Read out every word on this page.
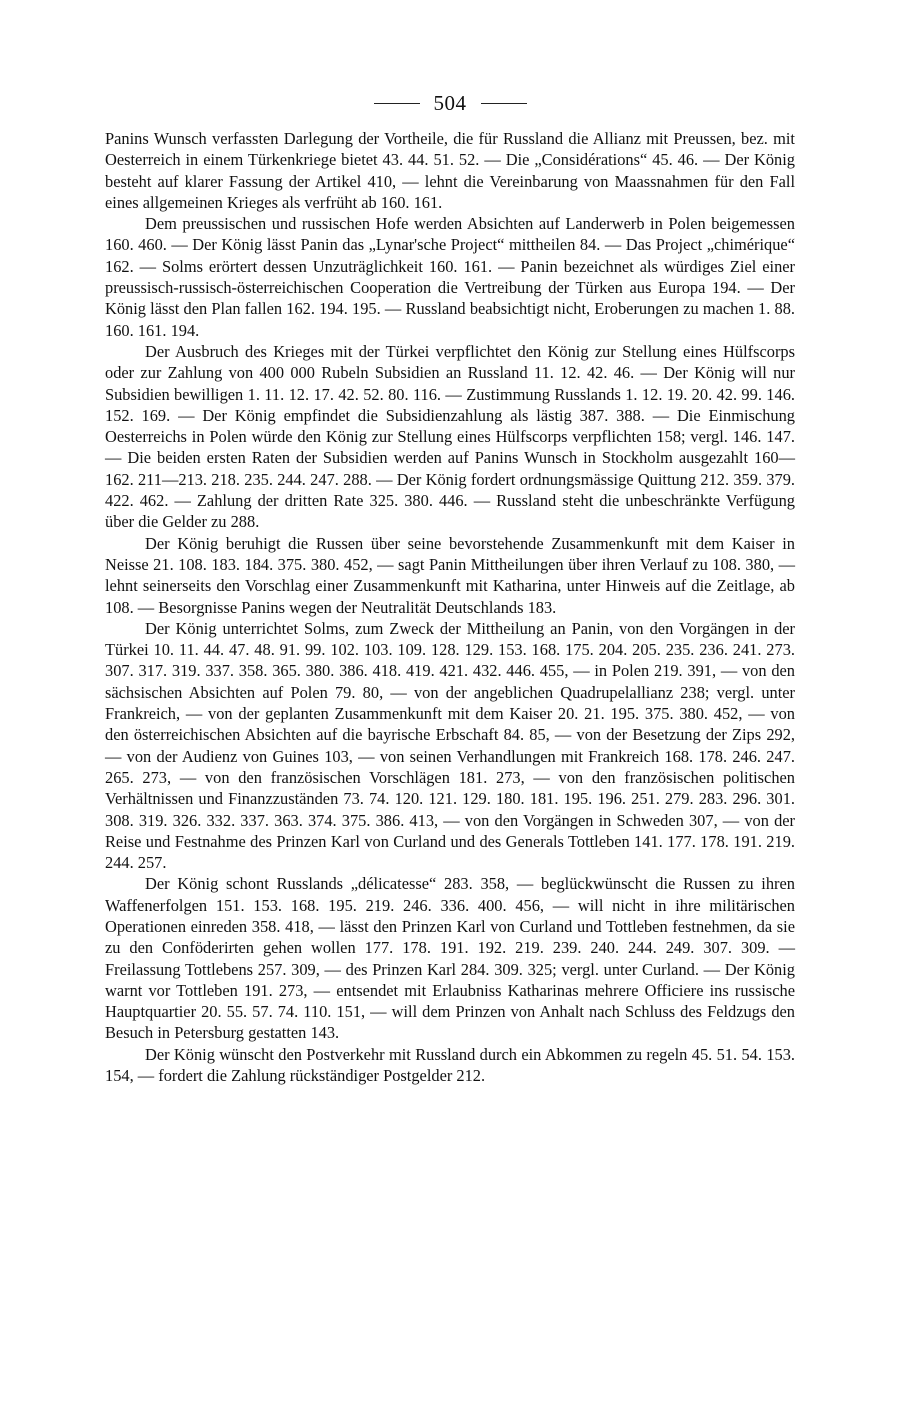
504

Panins Wunsch verfassten Darlegung der Vortheile, die für Russland die Allianz mit Preussen, bez. mit Oesterreich in einem Türkenkriege bietet 43. 44. 51. 52. — Die „Considérations“ 45. 46. — Der König besteht auf klarer Fassung der Artikel 410, — lehnt die Vereinbarung von Maassnahmen für den Fall eines allgemeinen Krieges als verfrüht ab 160. 161.

Dem preussischen und russischen Hofe werden Absichten auf Landerwerb in Polen beigemessen 160. 460. — Der König lässt Panin das „Lynar'sche Project“ mittheilen 84. — Das Project „chimérique“ 162. — Solms erörtert dessen Unzuträglichkeit 160. 161. — Panin bezeichnet als würdiges Ziel einer preussisch-russisch-österreichischen Cooperation die Vertreibung der Türken aus Europa 194. — Der König lässt den Plan fallen 162. 194. 195. — Russland beabsichtigt nicht, Eroberungen zu machen 1. 88. 160. 161. 194.

Der Ausbruch des Krieges mit der Türkei verpflichtet den König zur Stellung eines Hülfscorps oder zur Zahlung von 400 000 Rubeln Subsidien an Russland 11. 12. 42. 46. — Der König will nur Subsidien bewilligen 1. 11. 12. 17. 42. 52. 80. 116. — Zustimmung Russlands 1. 12. 19. 20. 42. 99. 146. 152. 169. — Der König empfindet die Subsidienzahlung als lästig 387. 388. — Die Einmischung Oesterreichs in Polen würde den König zur Stellung eines Hülfscorps verpflichten 158; vergl. 146. 147. — Die beiden ersten Raten der Subsidien werden auf Panins Wunsch in Stockholm ausgezahlt 160—162. 211—213. 218. 235. 244. 247. 288. — Der König fordert ordnungsmässige Quittung 212. 359. 379. 422. 462. — Zahlung der dritten Rate 325. 380. 446. — Russland steht die unbeschränkte Verfügung über die Gelder zu 288.

Der König beruhigt die Russen über seine bevorstehende Zusammenkunft mit dem Kaiser in Neisse 21. 108. 183. 184. 375. 380. 452, — sagt Panin Mittheilungen über ihren Verlauf zu 108. 380, — lehnt seinerseits den Vorschlag einer Zusammenkunft mit Katharina, unter Hinweis auf die Zeitlage, ab 108. — Besorgnisse Panins wegen der Neutralität Deutschlands 183.

Der König unterrichtet Solms, zum Zweck der Mittheilung an Panin, von den Vorgängen in der Türkei 10. 11. 44. 47. 48. 91. 99. 102. 103. 109. 128. 129. 153. 168. 175. 204. 205. 235. 236. 241. 273. 307. 317. 319. 337. 358. 365. 380. 386. 418. 419. 421. 432. 446. 455, — in Polen 219. 391, — von den sächsischen Absichten auf Polen 79. 80, — von der angeblichen Quadrupelallianz 238; vergl. unter Frankreich, — von der geplanten Zusammenkunft mit dem Kaiser 20. 21. 195. 375. 380. 452, — von den österreichischen Absichten auf die bayrische Erbschaft 84. 85, — von der Besetzung der Zips 292, — von der Audienz von Guines 103, — von seinen Verhandlungen mit Frankreich 168. 178. 246. 247. 265. 273, — von den französischen Vorschlägen 181. 273, — von den französischen politischen Verhältnissen und Finanzzuständen 73. 74. 120. 121. 129. 180. 181. 195. 196. 251. 279. 283. 296. 301. 308. 319. 326. 332. 337. 363. 374. 375. 386. 413, — von den Vorgängen in Schweden 307, — von der Reise und Festnahme des Prinzen Karl von Curland und des Generals Tottleben 141. 177. 178. 191. 219. 244. 257.

Der König schont Russlands „délicatesse“ 283. 358, — beglückwünscht die Russen zu ihren Waffenerfolgen 151. 153. 168. 195. 219. 246. 336. 400. 456, — will nicht in ihre militärischen Operationen einreden 358. 418, — lässt den Prinzen Karl von Curland und Tottleben festnehmen, da sie zu den Conföderirten gehen wollen 177. 178. 191. 192. 219. 239. 240. 244. 249. 307. 309. — Freilassung Tottlebens 257. 309, — des Prinzen Karl 284. 309. 325; vergl. unter Curland. — Der König warnt vor Tottleben 191. 273, — entsendet mit Erlaubniss Katharinas mehrere Officiere ins russische Hauptquartier 20. 55. 57. 74. 110. 151, — will dem Prinzen von Anhalt nach Schluss des Feldzugs den Besuch in Petersburg gestatten 143.

Der König wünscht den Postverkehr mit Russland durch ein Abkommen zu regeln 45. 51. 54. 153. 154, — fordert die Zahlung rückständiger Postgelder 212.
